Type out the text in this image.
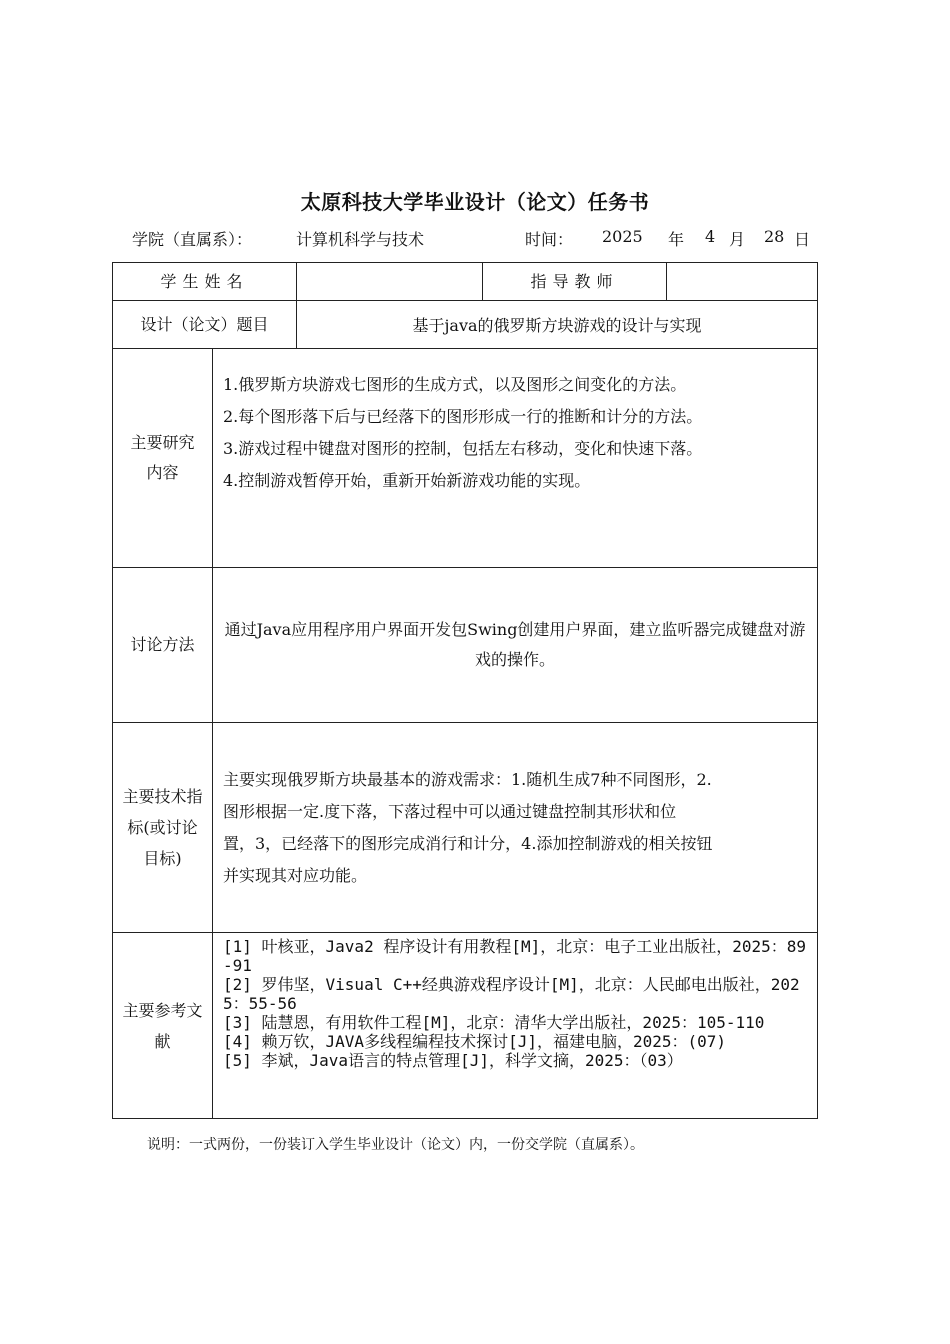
太原科技大学毕业设计（论文）任务书
学院（直属系）：	计算机科学与技术	时间： 2025 年 4 月 28 日
学生姓名			指导教师	
设计（论文）题目		基于java的俄罗斯方块游戏的设计与实现		

主要研究内容	1.俄罗斯方块游戏七图形的生成方式，以及图形之间变化的方法。
2.每个图形落下后与已经落下的图形形成一行的推断和计分的方法。
3.游戏过程中键盘对图形的控制，包括左右移动，变化和快速下落。
4.控制游戏暂停开始，重新开始新游戏功能的实现。			

讨论方法	通过Java应用程序用户界面开发包Swing创建用户界面，建立监听器完成键盘对游戏的操作。			

主要技术指标(或讨论目标)	主要实现俄罗斯方块最基本的游戏需求：1.随机生成7种不同图形，2.
图形根据一定.度下落，下落过程中可以通过键盘控制其形状和位
置，3，已经落下的图形完成消行和计分，4.添加控制游戏的相关按钮
并实现其对应功能。			

主要参考文献	[1] 叶核亚，Java2 程序设计有用教程[M]，北京：电子工业出版社，2025：89-91
[2] 罗伟坚，Visual C++经典游戏程序设计[M]，北京：人民邮电出版社，2025：55-56
[3] 陆慧恩，有用软件工程[M]，北京：清华大学出版社，2025：105-110
[4] 赖万钦，JAVA多线程编程技术探讨[J]，福建电脑，2025：(07)
[5] 李斌，Java语言的特点管理[J]，科学文摘，2025：（03）			
说明：一式两份，一份装订入学生毕业设计（论文）内，一份交学院（直属系）。
